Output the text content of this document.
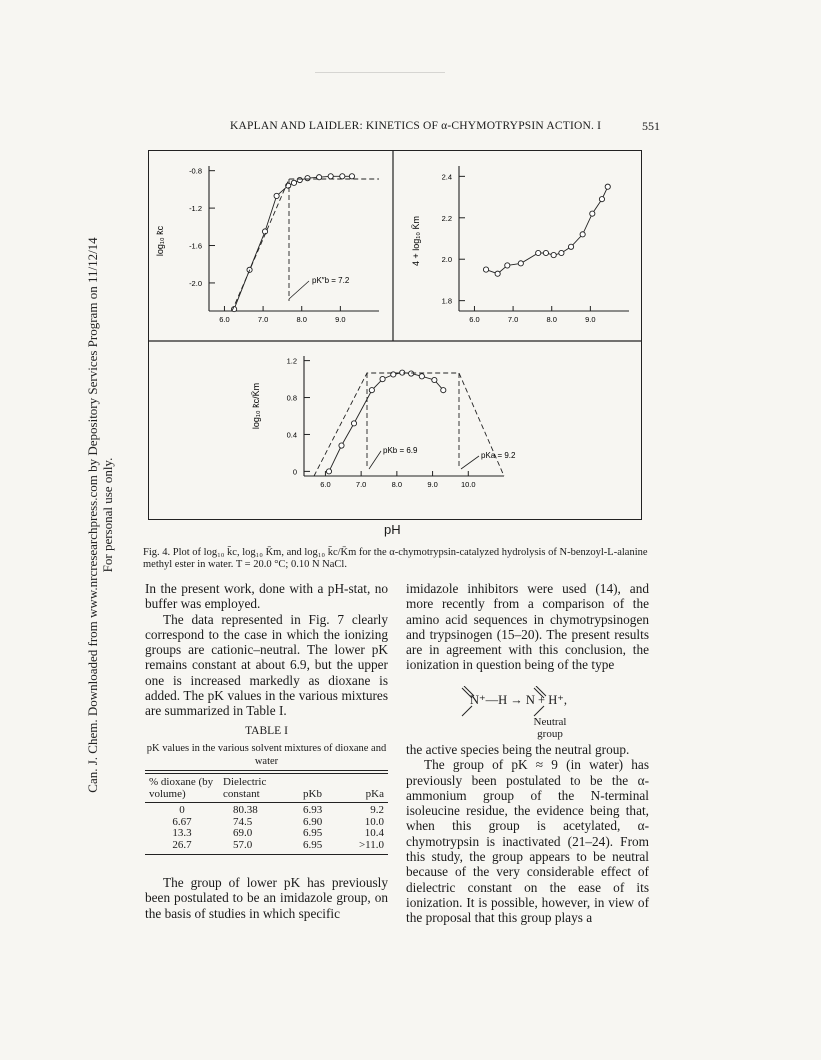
Can. J. Chem. Downloaded from www.nrcresearchpress.com by Depository Services Program on 11/12/14 For personal use only.
KAPLAN AND LAIDLER: KINETICS OF α-CHYMOTRYPSIN ACTION. I	551
-0.8
-1.2
-1.6
-2.0
6.0	7.0	8.0	9.0
log₁₀ k̄c
2.4
2.2
2.0
1.8
6.0	7.0	8.0	9.0
4 + log₁₀ K̄m
1.2
0.8
0.4
0
6.0	7.0	8.0	9.0	10.0
log₁₀ k̄c/K̄m
pK″b = 7.2
pKb = 6.9
pKa = 9.2
pH
Fig. 4. Plot of log₁₀ k̄c, log₁₀ K̄m, and log₁₀ k̄c/K̄m for the α-chymotrypsin-catalyzed hydrolysis of N-benzoyl-L-alanine methyl ester in water. T = 20.0 °C; 0.10 N NaCl.

In the present work, done with a pH-stat, no buffer was employed.

The data represented in Fig. 7 clearly correspond to the case in which the ionizing groups are cationic–neutral. The lower pK remains constant at about 6.9, but the upper one is increased markedly as dioxane is added. The pK values in the various mixtures are summarized in Table I.

TABLE I
pK values in the various solvent mixtures of dioxane and water
% dioxane (by volume)	Dielectric constant	pKb	pKa

0	80.38	6.93	9.2
6.67	74.5	6.90	10.0
13.3	69.0	6.95	10.4
26.7	57.0	6.95	>11.0

The group of lower pK has previously been postulated to be an imidazole group, on the basis of studies in which specific

imidazole inhibitors were used (14), and more recently from a comparison of the amino acid sequences in chymotrypsinogen and trypsinogen (15–20). The present results are in agreement with this conclusion, the ionization in question being of the type

N⁺—H → N + H⁺,
Neutral group

the active species being the neutral group.

The group of pK ≈ 9 (in water) has previously been postulated to be the α-ammonium group of the N-terminal isoleucine residue, the evidence being that, when this group is acetylated, α-chymotrypsin is inactivated (21–24). From this study, the group appears to be neutral because of the very considerable effect of dielectric constant on the ease of its ionization. It is possible, however, in view of the proposal that this group plays a
